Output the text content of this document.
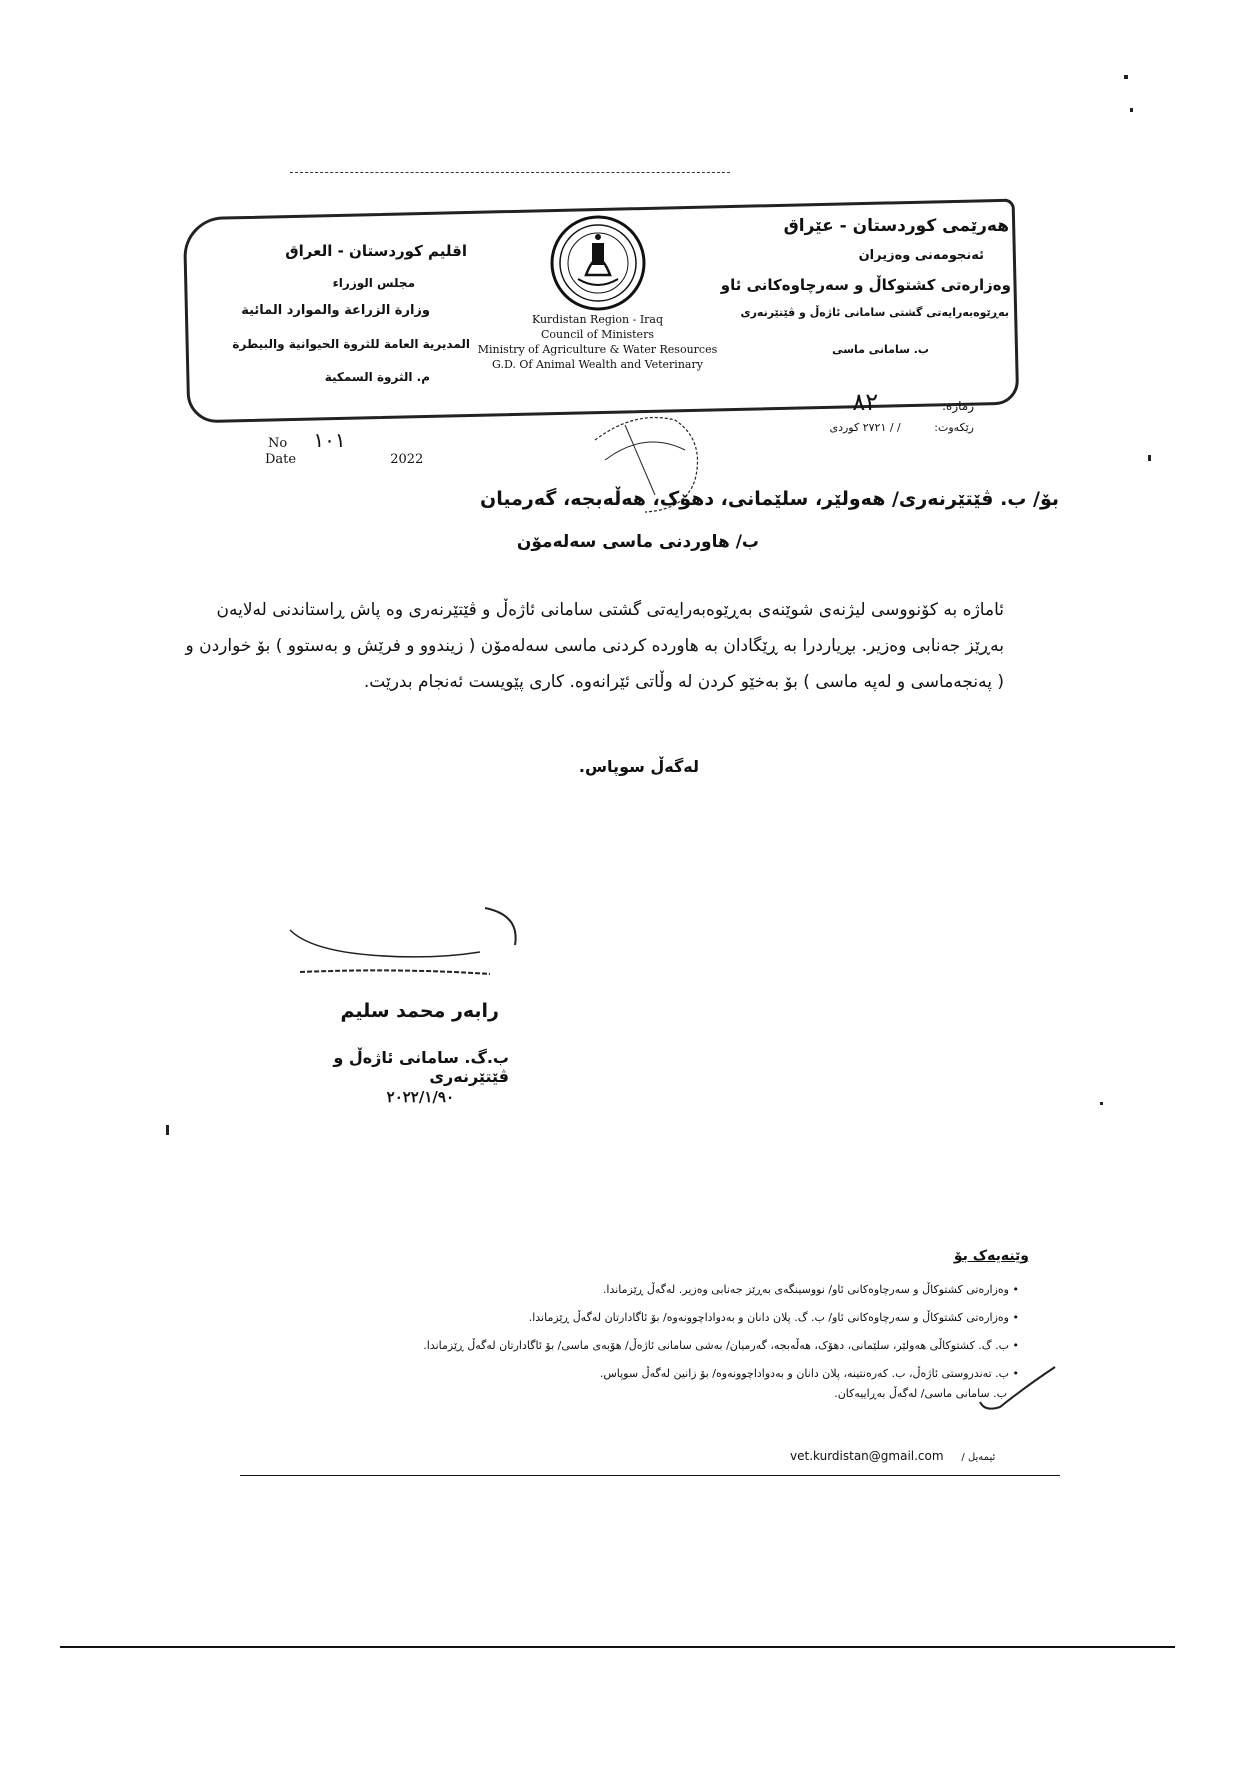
هەرێمی کوردستان - عێراق
ئەنجومەنی وەزیران
وەزارەتی کشتوکاڵ و سەرچاوەکانی ئاو
بەڕێوەبەرایەتی گشتی سامانی ئاژەڵ و ڤێتێرنەری
ب. سامانی ماسی
Kurdistan Region - Iraq
Council of Ministers
Ministry of Agriculture & Water Resources
G.D. Of Animal Wealth and Veterinary
اقليم كوردستان - العراق
مجلس الوزراء
وزارة الزراعة والموارد المائية
المديرية العامة للثروة الحيوانية والبيطرة
م. الثروة السمكية
ژمارە: ٨٢
رێکەوت: / / ٢٧٢١ کوردی
No ١٠١
Date	2022
بۆ/ ب. ڤێتێرنەری/ هەولێر، سلێمانی، دهۆک، هەڵەبجە، گەرمیان
ب/ هاوردنی ماسی سەلەمۆن
ئاماژە بە کۆنووسی لیژنەی شوێنەی بەڕێوەبەرایەتی گشتی سامانی ئاژەڵ و ڤێتێرنەری وە پاش ڕاستاندنی لەلایەن
بەڕێز جەنابی وەزیر. بڕیاردرا بە ڕێگادان بە هاوردە کردنی ماسی سەلەمۆن ( زیندوو و فرێش و بەستوو ) بۆ خواردن و
( پەنجەماسی و لەپە ماسی ) بۆ بەخێو کردن لە وڵاتی ئێرانەوە. کاری پێویست ئەنجام بدرێت.
لەگەڵ سوپاس.
رابەر محمد سلیم
ب.گ. سامانی ئاژەڵ و ڤێتێرنەری
٢٠٢٢/١/٩٠
وێنەیەک بۆ
• وەزارەتی کشتوکاڵ و سەرچاوەکانی ئاو/ نووسینگەی بەڕێز جەنابی وەزیر. لەگەڵ ڕێزماندا.
• وەزارەتی کشتوکاڵ و سەرچاوەکانی ئاو/ ب. گ. پلان دانان و بەدواداچوونەوە/ بۆ ئاگادارتان لەگەڵ ڕێزماندا.
• ب. گ. کشتوکاڵی هەولێر، سلێمانی، دهۆک، هەڵەبجە، گەرمیان/ بەشی سامانی ئاژەڵ/ هۆبەی ماسی/ بۆ ئاگادارتان لەگەڵ ڕێزماندا.
• ب. تەندروستی ئاژەڵ، ب. کەرەنتینە، پلان دانان و بەدواداچوونەوە/ بۆ زانین لەگەڵ سوپاس.
ب. سامانی ماسی/ لەگەڵ بەڕاییەکان.
vet.kurdistan@gmail.com / ئیمەیل
